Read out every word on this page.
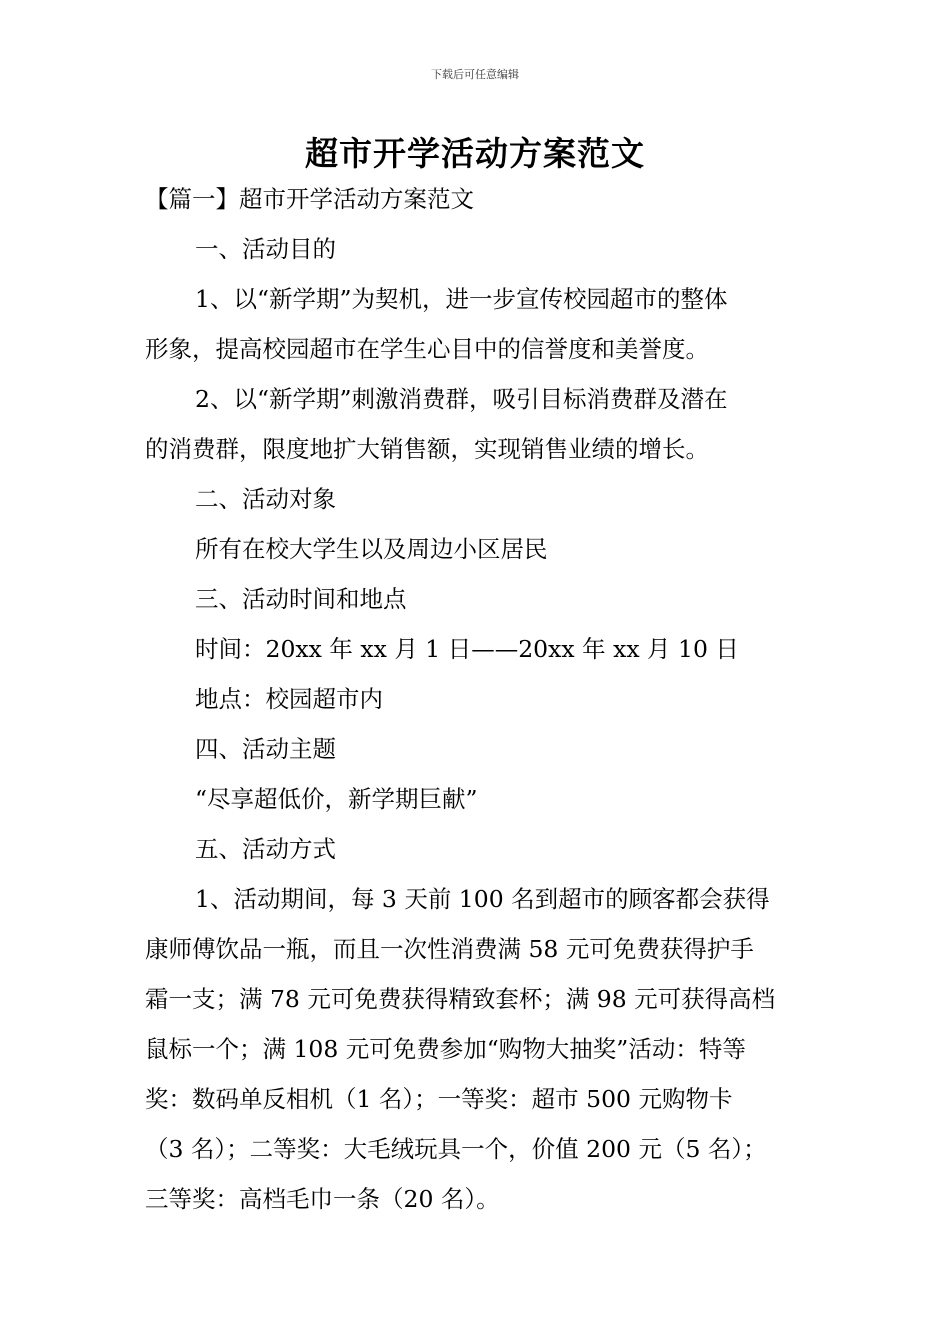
下载后可任意编辑
超市开学活动方案范文
【篇一】超市开学活动方案范文
一、活动目的
1、以“新学期”为契机，进一步宣传校园超市的整体
形象，提高校园超市在学生心目中的信誉度和美誉度。
2、以“新学期”刺激消费群，吸引目标消费群及潜在
的消费群，限度地扩大销售额，实现销售业绩的增长。
二、活动对象
所有在校大学生以及周边小区居民
三、活动时间和地点
时间：20xx 年 xx 月 1 日——20xx 年 xx 月 10 日
地点：校园超市内
四、活动主题
“尽享超低价，新学期巨献”
五、活动方式
1、活动期间，每 3 天前 100 名到超市的顾客都会获得
康师傅饮品一瓶，而且一次性消费满 58 元可免费获得护手
霜一支；满 78 元可免费获得精致套杯；满 98 元可获得高档
鼠标一个；满 108 元可免费参加“购物大抽奖”活动：特等
奖：数码单反相机（1 名）；一等奖：超市 500 元购物卡
（3 名）；二等奖：大毛绒玩具一个，价值 200 元（5 名）；
三等奖：高档毛巾一条（20 名）。
